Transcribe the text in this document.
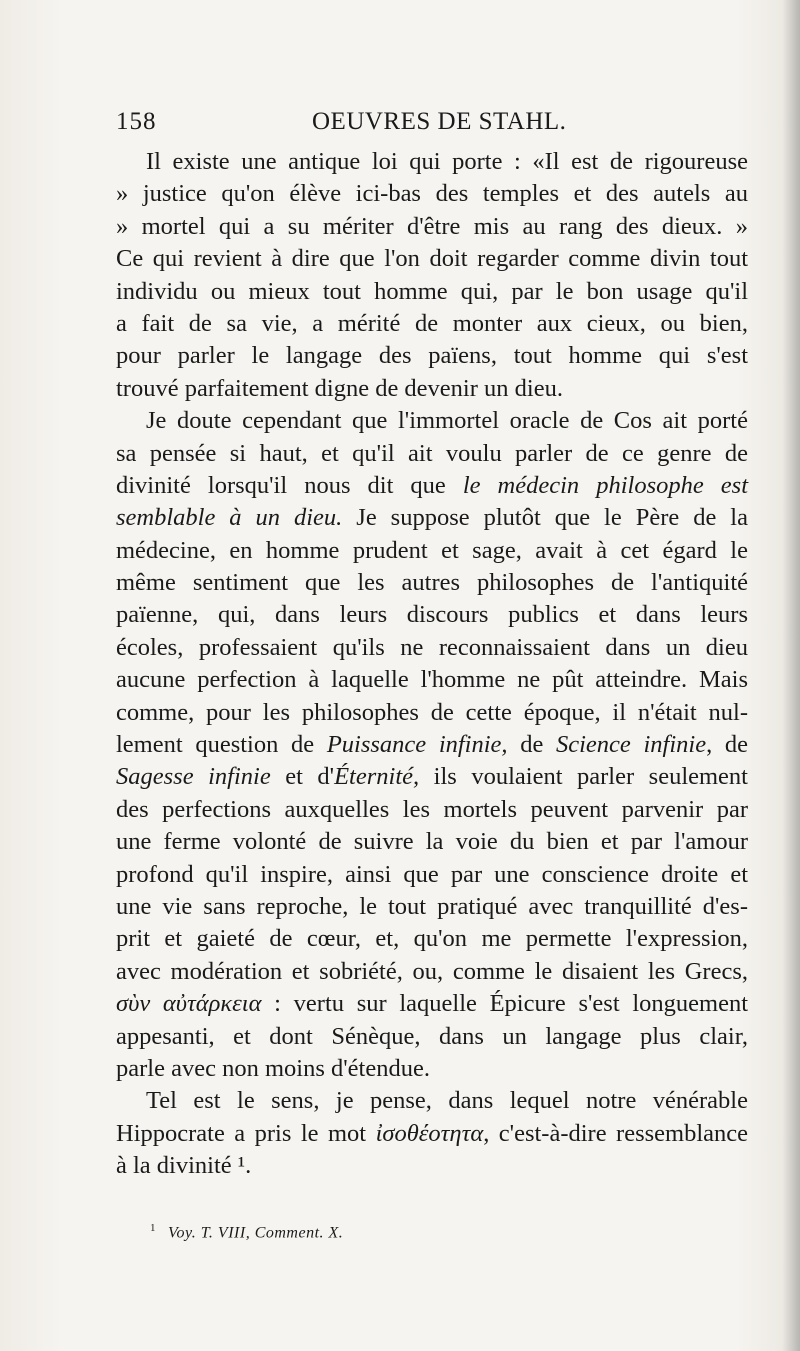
158	OEUVRES DE STAHL.
Il existe une antique loi qui porte : «Il est de rigoureuse
» justice qu'on élève ici-bas des temples et des autels au
» mortel qui a su mériter d'être mis au rang des dieux. »
Ce qui revient à dire que l'on doit regarder comme divin tout
individu ou mieux tout homme qui, par le bon usage qu'il
a fait de sa vie, a mérité de monter aux cieux, ou bien,
pour parler le langage des païens, tout homme qui s'est
trouvé parfaitement digne de devenir un dieu.
Je doute cependant que l'immortel oracle de Cos ait porté
sa pensée si haut, et qu'il ait voulu parler de ce genre de
divinité lorsqu'il nous dit que le médecin philosophe est
semblable à un dieu. Je suppose plutôt que le Père de la
médecine, en homme prudent et sage, avait à cet égard le
même sentiment que les autres philosophes de l'antiquité
païenne, qui, dans leurs discours publics et dans leurs
écoles, professaient qu'ils ne reconnaissaient dans un dieu
aucune perfection à laquelle l'homme ne pût atteindre. Mais
comme, pour les philosophes de cette époque, il n'était nul-
lement question de Puissance infinie, de Science infinie, de
Sagesse infinie et d'Éternité, ils voulaient parler seulement
des perfections auxquelles les mortels peuvent parvenir par
une ferme volonté de suivre la voie du bien et par l'amour
profond qu'il inspire, ainsi que par une conscience droite et
une vie sans reproche, le tout pratiqué avec tranquillité d'es-
prit et gaieté de cœur, et, qu'on me permette l'expression,
avec modération et sobriété, ou, comme le disaient les Grecs,
σὺν αὐτάρκεια : vertu sur laquelle Épicure s'est longuement
appesanti, et dont Sénèque, dans un langage plus clair,
parle avec non moins d'étendue.
Tel est le sens, je pense, dans lequel notre vénérable
Hippocrate a pris le mot ἰσοθέοτητα, c'est-à-dire ressemblance
à la divinité ¹.
$^1$ Voy. T. VIII, Comment. X.
